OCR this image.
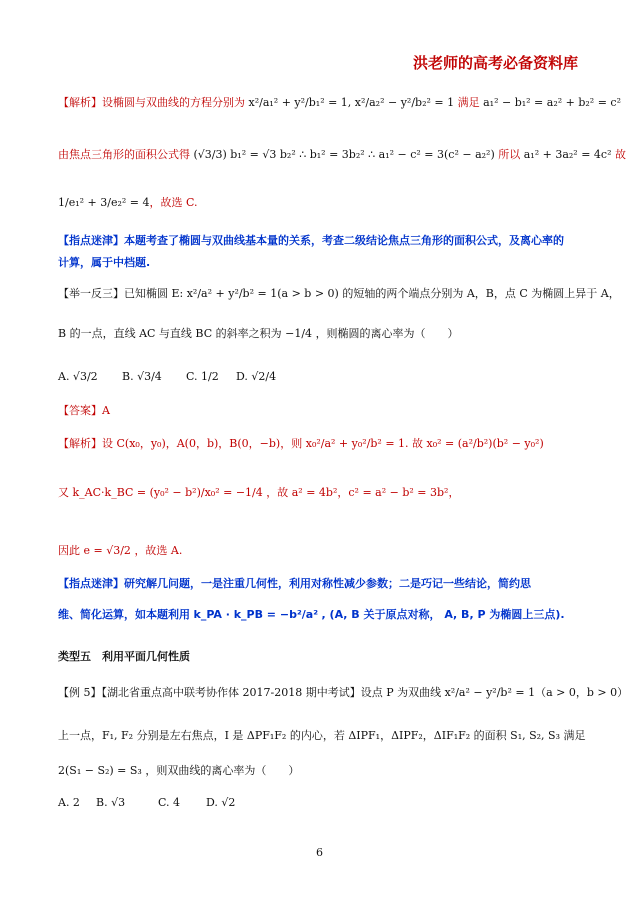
洪老师的高考必备资料库
【解析】设椭圆与双曲线的方程分别为 x²/a₁² + y²/b₁² = 1, x²/a₂² − y²/b₂² = 1 满足 a₁² − b₁² = a₂² + b₂² = c²
由焦点三角形的面积公式得 (√3/3) b₁² = √3 b₂² ∴ b₁² = 3b₂² ∴ a₁² − c² = 3(c² − a₂²) 所以 a₁² + 3a₂² = 4c² 故
1/e₁² + 3/e₂² = 4，故选 C.
【指点迷津】本题考查了椭圆与双曲线基本量的关系，考查二级结论焦点三角形的面积公式，及离心率的
计算，属于中档题.
【举一反三】已知椭圆 E: x²/a² + y²/b² = 1(a > b > 0) 的短轴的两个端点分别为 A，B，点 C 为椭圆上异于 A，
B 的一点，直线 AC 与直线 BC 的斜率之积为 −1/4 ，则椭圆的离心率为（　　）
A. √3/2 B. √3/4 C. 1/2 D. √2/4
【答案】A
【解析】设 C(x₀，y₀)，A(0，b)，B(0，−b)，则 x₀²/a² + y₀²/b² = 1. 故 x₀² = (a²/b²)(b² − y₀²)
又 k_AC·k_BC = (y₀² − b²)/x₀² = −1/4 ，故 a² = 4b²，c² = a² − b² = 3b²，
因此 e = √3/2 ，故选 A.
【指点迷津】研究解几问题，一是注重几何性，利用对称性减少参数；二是巧记一些结论，简约思
维、简化运算，如本题利用 k_PA · k_PB = −b²/a² , (A, B 关于原点对称， A, B, P 为椭圆上三点).
类型五　利用平面几何性质
【例 5】【湖北省重点高中联考协作体 2017-2018 期中考试】设点 P 为双曲线 x²/a² − y²/b² = 1（a > 0，b > 0）
上一点，F₁, F₂ 分别是左右焦点，I 是 ΔPF₁F₂ 的内心，若 ΔIPF₁，ΔIPF₂，ΔIF₁F₂ 的面积 S₁, S₂, S₃ 满足
2(S₁ − S₂) = S₃ ，则双曲线的离心率为（　　）
A. 2 B. √3	C. 4 D. √2
6
